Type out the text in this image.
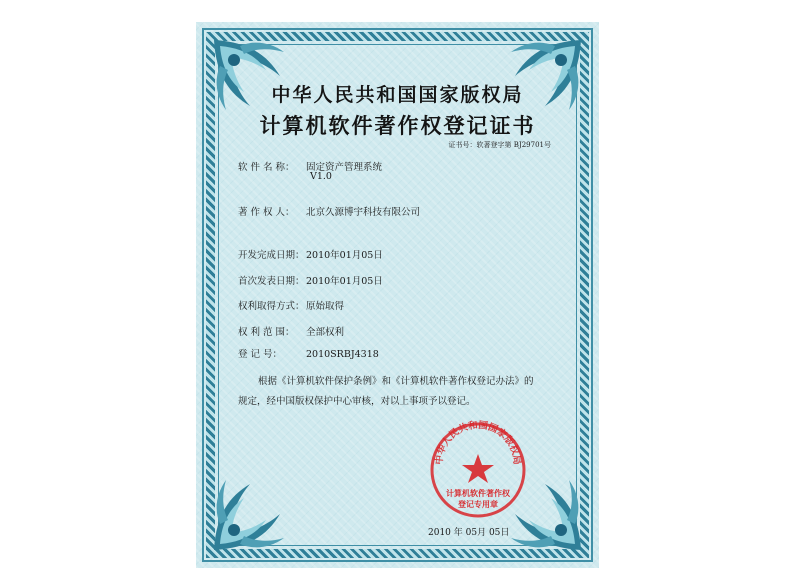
中华人民共和国国家版权局
计算机软件著作权登记证书
证书号：软著登字第 BJ29701号
软 件 名 称： 固定资产管理系统
V1.0
著 作 权 人： 北京久源博宇科技有限公司
开发完成日期：2010年01月05日
首次发表日期：2010年01月05日
权利取得方式：原始取得
权 利 范 围： 全部权利
登 记 号：	2010SRBJ4318
根据《计算机软件保护条例》和《计算机软件著作权登记办法》的
规定，经中国版权保护中心审核，对以上事项予以登记。
中华人民共和国国家版权局
计算机软件著作权
登记专用章
2010 年 05月 05日
